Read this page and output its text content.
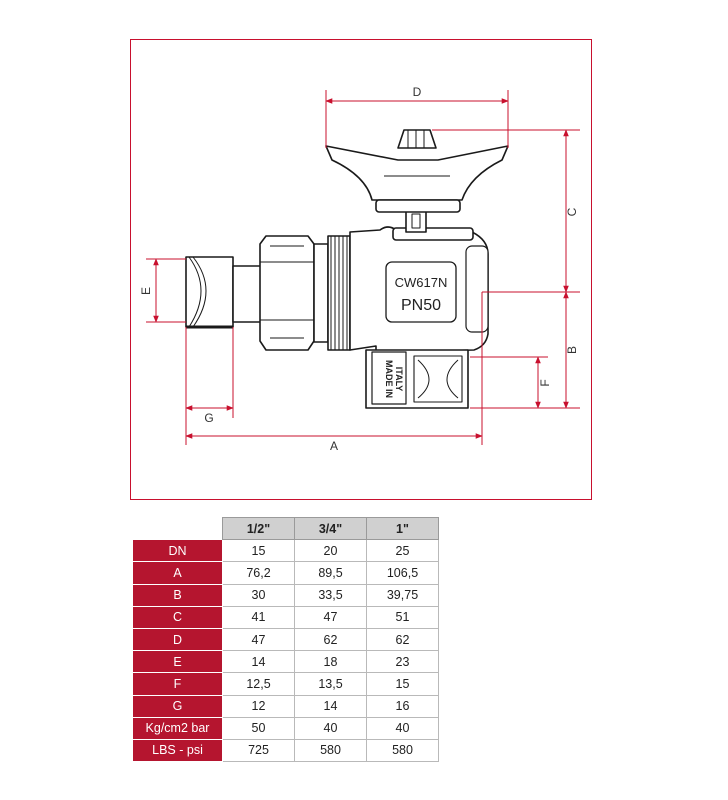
CW617N
PN50
MADE IN ITALY
D
C
B
F
E
G
A
	1/2"	3/4"	1"
DN	15	20	25
A	76,2	89,5	106,5
B	30	33,5	39,75
C	41	47	51
D	47	62	62
E	14	18	23
F	12,5	13,5	15
G	12	14	16
Kg/cm2 bar	50	40	40
LBS - psi	725	580	580
